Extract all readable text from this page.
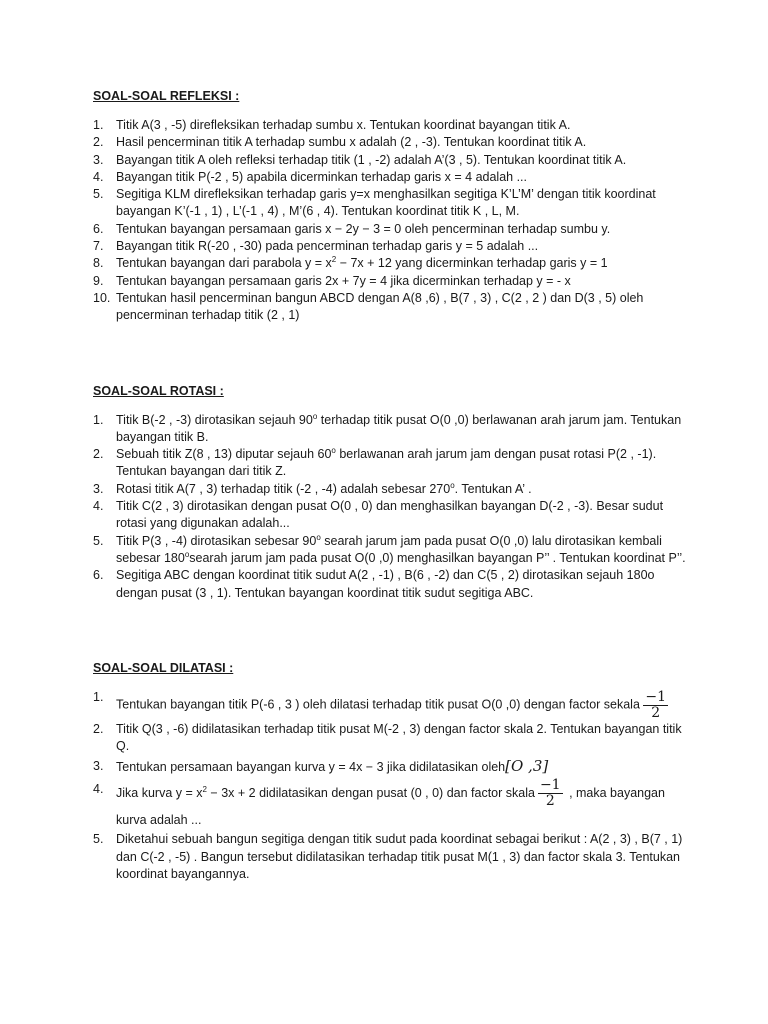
SOAL-SOAL REFLEKSI :
1. Titik A(3 , -5) direfleksikan terhadap sumbu x. Tentukan koordinat bayangan titik A.
2. Hasil pencerminan titik A terhadap sumbu x adalah (2 , -3). Tentukan koordinat titik A.
3. Bayangan titik A oleh refleksi terhadap titik (1 , -2) adalah A’(3 , 5). Tentukan koordinat titik A.
4. Bayangan titik P(-2 , 5) apabila dicerminkan terhadap garis x = 4 adalah ...
5. Segitiga KLM direfleksikan terhadap garis y=x menghasilkan segitiga K’L’M’ dengan titik koordinat bayangan K’(-1 , 1) , L’(-1 , 4) , M’(6 , 4). Tentukan koordinat titik K , L, M.
6. Tentukan bayangan persamaan garis x − 2y − 3 = 0 oleh pencerminan terhadap sumbu y.
7. Bayangan titik R(-20 , -30) pada pencerminan terhadap garis y = 5 adalah ...
8. Tentukan bayangan dari parabola $y = x^2 - 7x + 12$ yang dicerminkan terhadap garis y = 1
9. Tentukan bayangan persamaan garis 2x + 7y = 4 jika dicerminkan terhadap y = - x
10. Tentukan hasil pencerminan bangun ABCD dengan A(8 ,6) , B(7 , 3) , C(2 , 2 ) dan D(3 , 5) oleh pencerminan terhadap titik (2 , 1)
SOAL-SOAL ROTASI :
1. Titik B(-2 , -3) dirotasikan sejauh 90$^o$ terhadap titik pusat O(0 ,0) berlawanan arah jarum jam. Tentukan bayangan titik B.
2. Sebuah titik Z(8 , 13) diputar sejauh 60$^o$ berlawanan arah jarum jam dengan pusat rotasi P(2 , -1). Tentukan bayangan dari titik Z.
3. Rotasi titik A(7 , 3) terhadap titik (-2 , -4) adalah sebesar 270$^o$. Tentukan A’ .
4. Titik C(2 , 3) dirotasikan dengan pusat O(0 , 0) dan menghasilkan bayangan D(-2 , -3). Besar sudut rotasi yang digunakan adalah...
5. Titik P(3 , -4) dirotasikan sebesar 90$^o$ searah jarum jam pada pusat O(0 ,0) lalu dirotasikan kembali sebesar 180$^o$searah jarum jam pada pusat O(0 ,0) menghasilkan bayangan P’’ . Tentukan koordinat P’’.
6. Segitiga ABC dengan koordinat titik sudut A(2 , -1) , B(6 , -2) dan C(5 , 2) dirotasikan sejauh 180o dengan pusat (3 , 1). Tentukan bayangan koordinat titik sudut segitiga ABC.
SOAL-SOAL DILATASI :
1.
Tentukan bayangan titik P(-6 , 3 ) oleh dilatasi terhadap titik pusat O(0 ,0) dengan factor sekala $\frac{-1}{2}$
2. Titik Q(3 , -6) didilatasikan terhadap titik pusat M(-2 , 3) dengan factor skala 2. Tentukan bayangan titik Q.
3. Tentukan persamaan bayangan kurva y = 4x − 3 jika didilatasikan oleh[O ,3]
4. Jika kurva $y = x^2 - 3x + 2$ didilatasikan dengan pusat (0 , 0) dan factor skala $\frac{-1}{2}$ , maka bayangan kurva adalah ...
5. Diketahui sebuah bangun segitiga dengan titik sudut pada koordinat sebagai berikut : A(2 , 3) , B(7 , 1) dan C(-2 , -5) . Bangun tersebut didilatasikan terhadap titik pusat M(1 , 3) dan factor skala 3. Tentukan koordinat bayangannya.
